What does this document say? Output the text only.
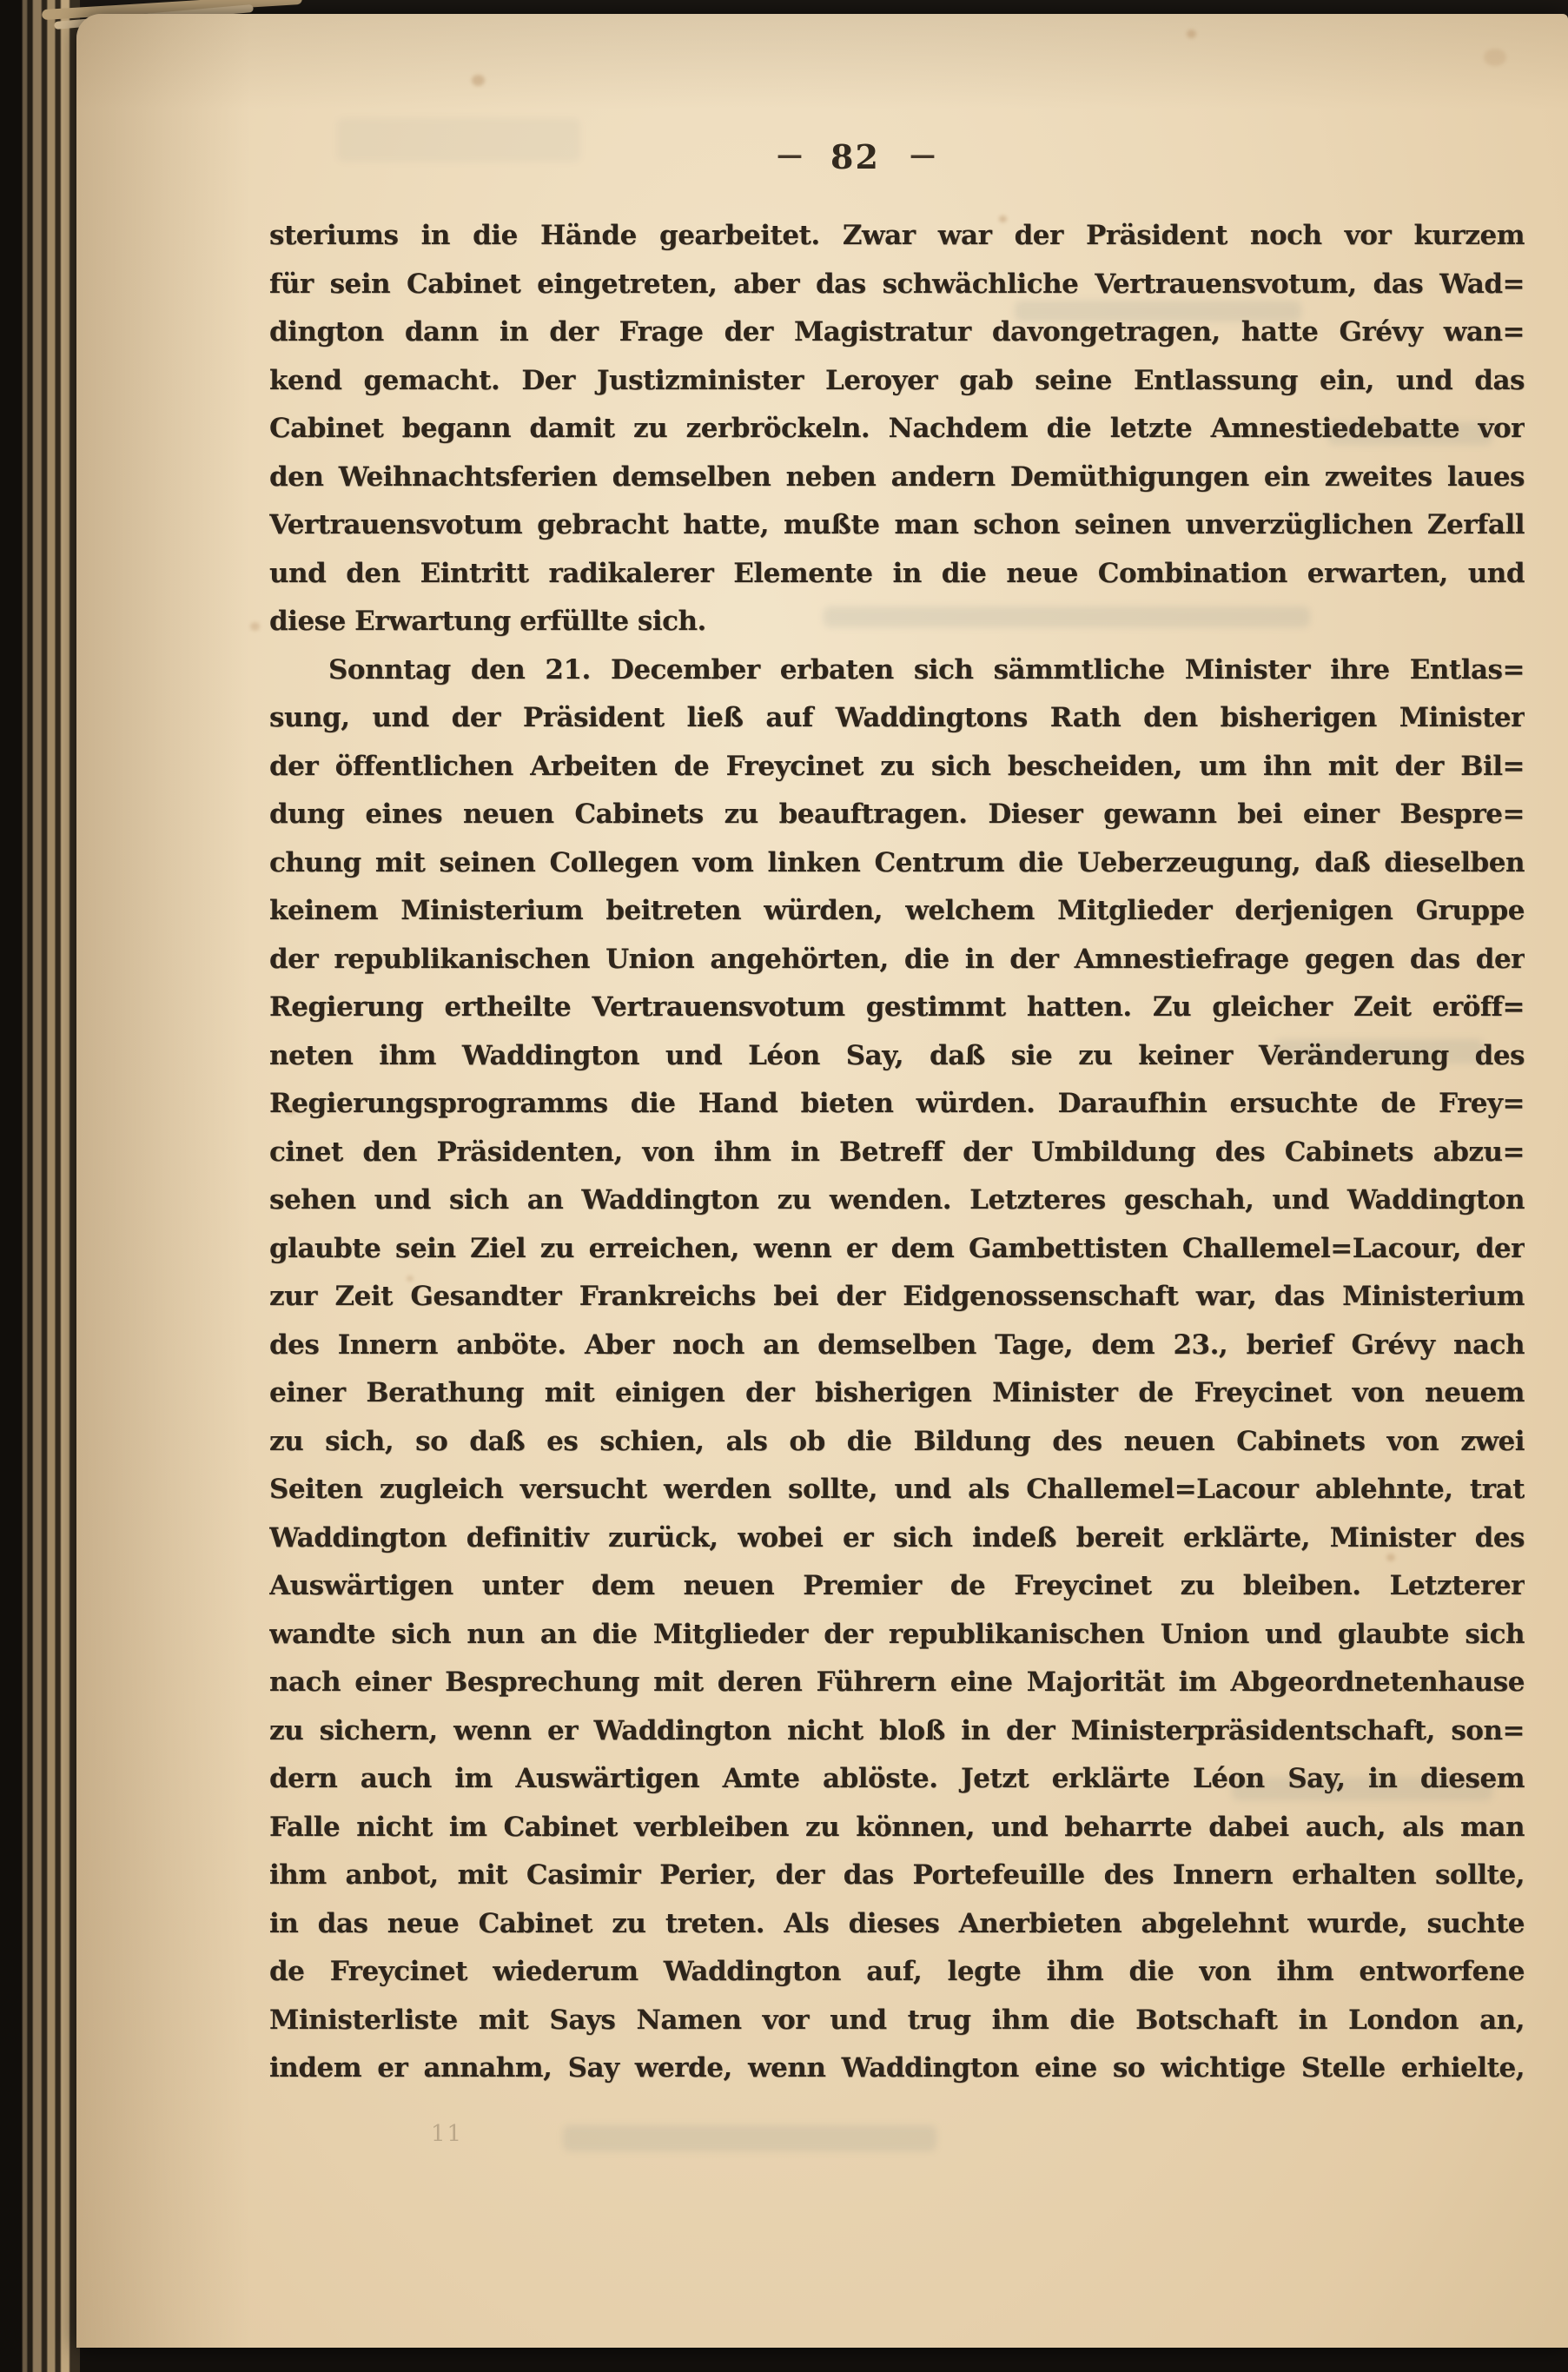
— 82 —
steriums in die Hände gearbeitet. Zwar war der Präsident noch vor kurzem
für sein Cabinet eingetreten, aber das schwächliche Vertrauensvotum, das Wad=
dington dann in der Frage der Magistratur davongetragen, hatte Grévy wan=
kend gemacht. Der Justizminister Leroyer gab seine Entlassung ein, und das
Cabinet begann damit zu zerbröckeln. Nachdem die letzte Amnestiedebatte vor
den Weihnachtsferien demselben neben andern Demüthigungen ein zweites laues
Vertrauensvotum gebracht hatte, mußte man schon seinen unverzüglichen Zerfall
und den Eintritt radikalerer Elemente in die neue Combination erwarten, und
diese Erwartung erfüllte sich.
Sonntag den 21. December erbaten sich sämmtliche Minister ihre Entlas=
sung, und der Präsident ließ auf Waddingtons Rath den bisherigen Minister
der öffentlichen Arbeiten de Freycinet zu sich bescheiden, um ihn mit der Bil=
dung eines neuen Cabinets zu beauftragen. Dieser gewann bei einer Bespre=
chung mit seinen Collegen vom linken Centrum die Ueberzeugung, daß dieselben
keinem Ministerium beitreten würden, welchem Mitglieder derjenigen Gruppe
der republikanischen Union angehörten, die in der Amnestiefrage gegen das der
Regierung ertheilte Vertrauensvotum gestimmt hatten. Zu gleicher Zeit eröff=
neten ihm Waddington und Léon Say, daß sie zu keiner Veränderung des
Regierungsprogramms die Hand bieten würden. Daraufhin ersuchte de Frey=
cinet den Präsidenten, von ihm in Betreff der Umbildung des Cabinets abzu=
sehen und sich an Waddington zu wenden. Letzteres geschah, und Waddington
glaubte sein Ziel zu erreichen, wenn er dem Gambettisten Challemel=Lacour, der
zur Zeit Gesandter Frankreichs bei der Eidgenossenschaft war, das Ministerium
des Innern anböte. Aber noch an demselben Tage, dem 23., berief Grévy nach
einer Berathung mit einigen der bisherigen Minister de Freycinet von neuem
zu sich, so daß es schien, als ob die Bildung des neuen Cabinets von zwei
Seiten zugleich versucht werden sollte, und als Challemel=Lacour ablehnte, trat
Waddington definitiv zurück, wobei er sich indeß bereit erklärte, Minister des
Auswärtigen unter dem neuen Premier de Freycinet zu bleiben. Letzterer
wandte sich nun an die Mitglieder der republikanischen Union und glaubte sich
nach einer Besprechung mit deren Führern eine Majorität im Abgeordnetenhause
zu sichern, wenn er Waddington nicht bloß in der Ministerpräsidentschaft, son=
dern auch im Auswärtigen Amte ablöste. Jetzt erklärte Léon Say, in diesem
Falle nicht im Cabinet verbleiben zu können, und beharrte dabei auch, als man
ihm anbot, mit Casimir Perier, der das Portefeuille des Innern erhalten sollte,
in das neue Cabinet zu treten. Als dieses Anerbieten abgelehnt wurde, suchte
de Freycinet wiederum Waddington auf, legte ihm die von ihm entworfene
Ministerliste mit Says Namen vor und trug ihm die Botschaft in London an,
indem er annahm, Say werde, wenn Waddington eine so wichtige Stelle erhielte,
11
